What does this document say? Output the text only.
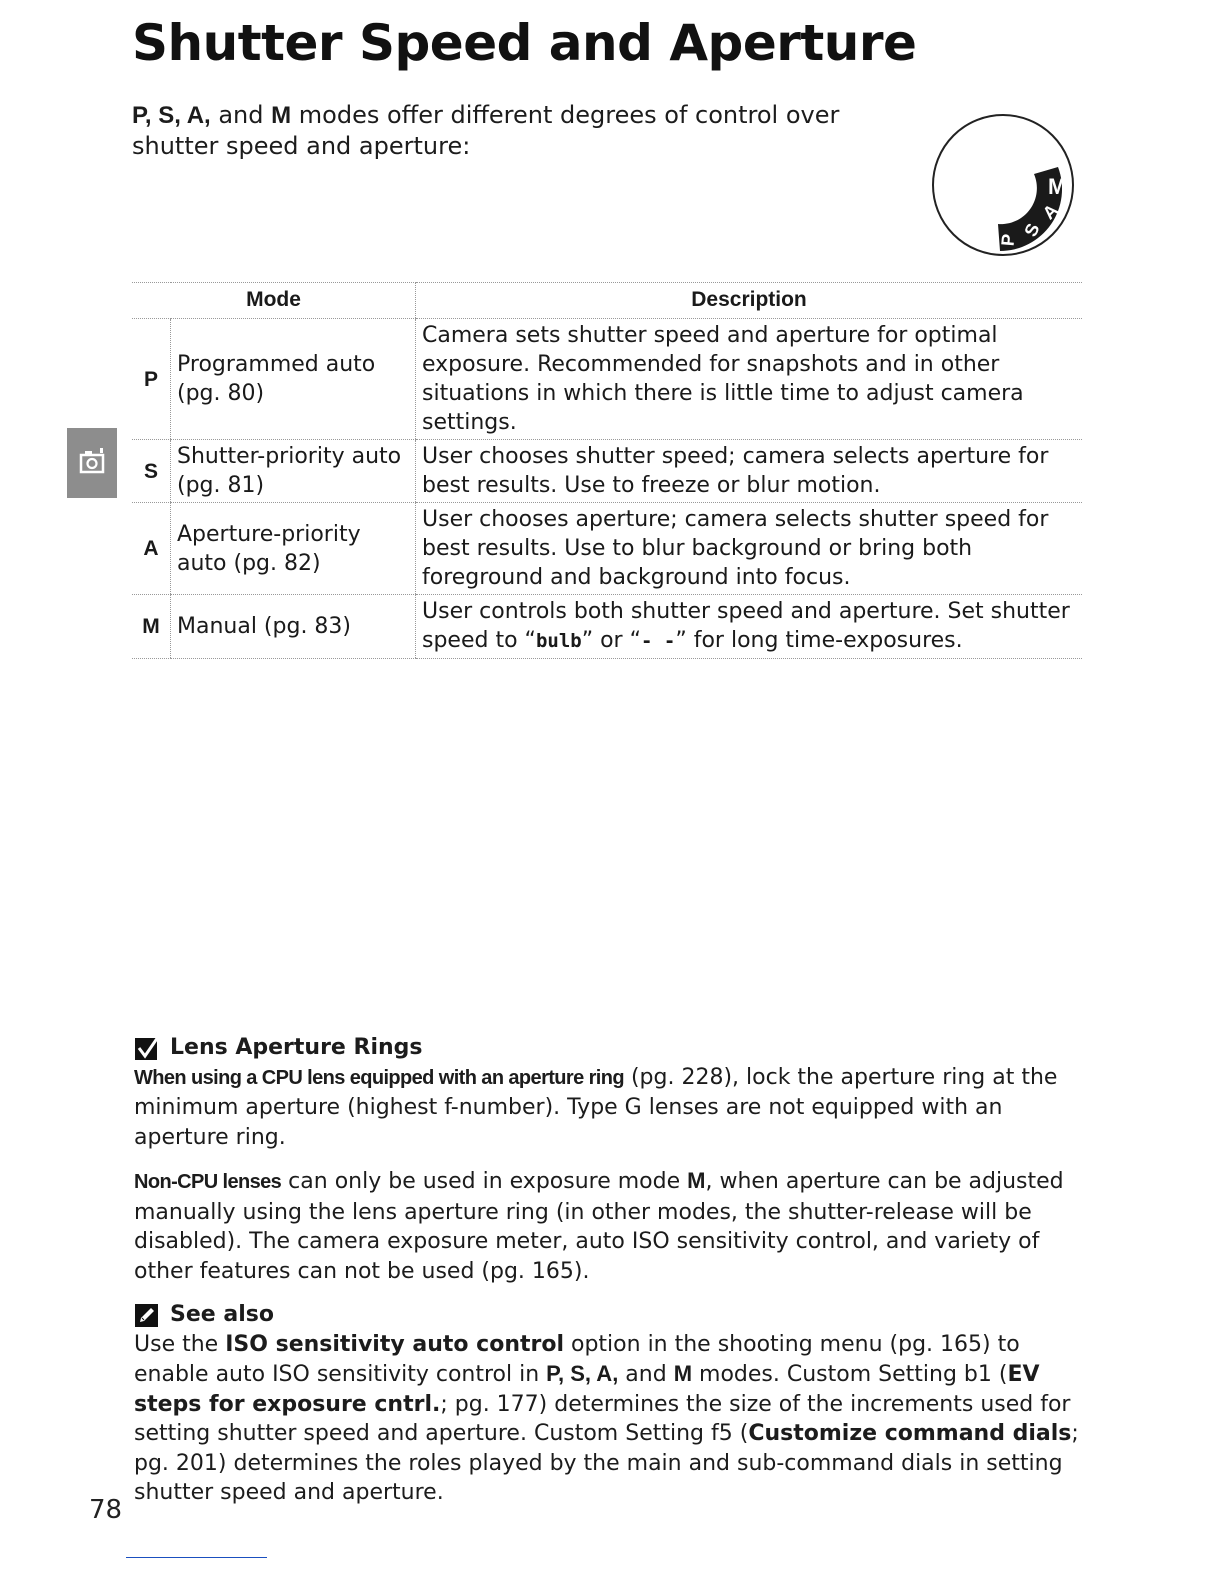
Shutter Speed and Aperture
P, S, A, and M modes offer different degrees of control over shutter speed and aperture:
M
A
S
P
Mode		Description
P	Programmed auto (pg. 80)	Camera sets shutter speed and aperture for optimal exposure. Recommended for snapshots and in other situations in which there is little time to adjust camera settings.
S	Shutter-priority auto (pg. 81)	User chooses shutter speed; camera selects aperture for best results. Use to freeze or blur motion.
A	Aperture-priority auto (pg. 82)	User chooses aperture; camera selects shutter speed for best results. Use to blur background or bring both foreground and background into focus.
M	Manual (pg. 83)	User controls both shutter speed and aperture. Set shutter speed to “bulb” or “- -” for long time-exposures.
Lens Aperture Rings

When using a CPU lens equipped with an aperture ring (pg. 228), lock the aperture ring at the minimum aperture (highest f-number). Type G lenses are not equipped with an aperture ring.

Non-CPU lenses can only be used in exposure mode M, when aperture can be adjusted manually using the lens aperture ring (in other modes, the shutter-release will be disabled). The camera exposure meter, auto ISO sensitivity control, and variety of other features can not be used (pg. 165).

See also

Use the ISO sensitivity auto control option in the shooting menu (pg. 165) to enable auto ISO sensitivity control in P, S, A, and M modes. Custom Setting b1 (EV steps for exposure cntrl.; pg. 177) determines the size of the increments used for setting shutter speed and aperture. Custom Setting f5 (Customize command dials; pg. 201) determines the roles played by the main and sub-command dials in setting shutter speed and aperture.

78
